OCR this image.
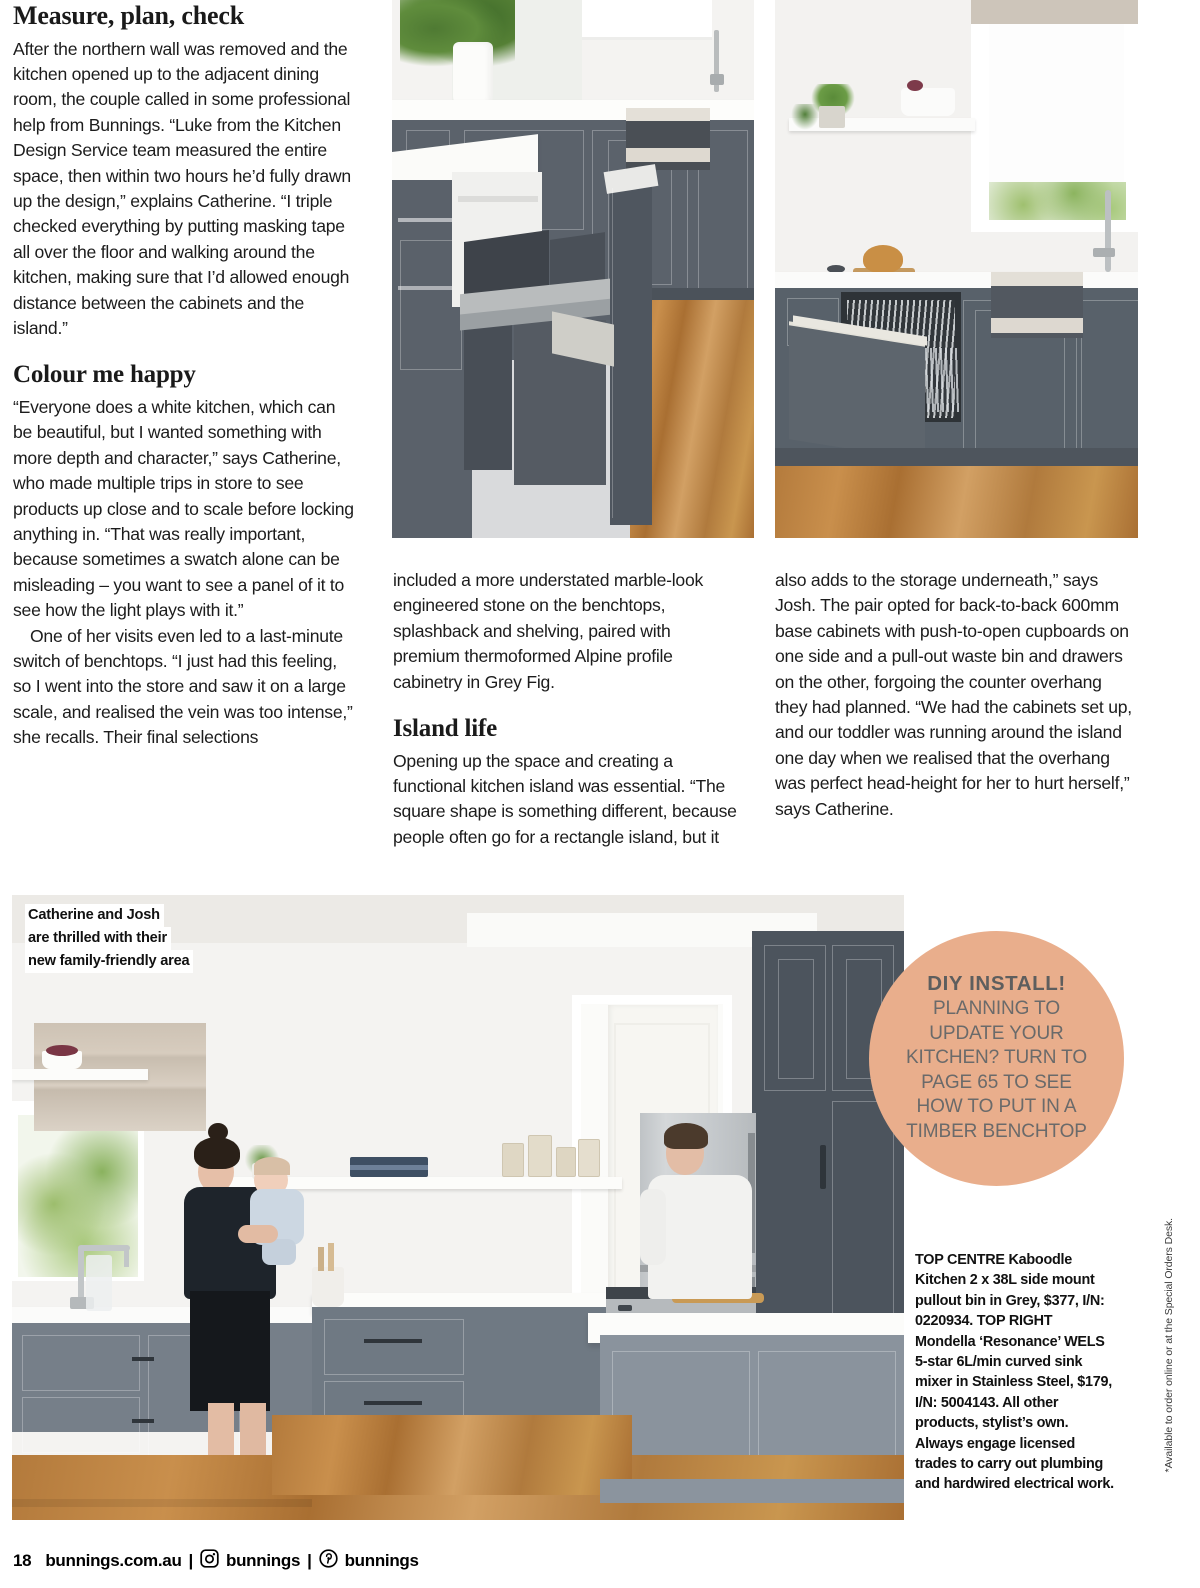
Measure, plan, check

After the northern wall was removed and the kitchen opened up to the adjacent dining room, the couple called in some professional help from Bunnings. “Luke from the Kitchen Design Service team measured the entire space, then within two hours he’d fully drawn up the design,” explains Catherine. “I triple checked everything by putting masking tape all over the floor and walking around the kitchen, making sure that I’d allowed enough distance between the cabinets and the island.”

Colour me happy

“Everyone does a white kitchen, which can be beautiful, but I wanted something with more depth and character,” says Catherine, who made multiple trips in store to see products up close and to scale before locking anything in. “That was really important, because sometimes a swatch alone can be misleading – you want to see a panel of it to see how the light plays with it.”

One of her visits even led to a last-minute switch of benchtops. “I just had this feeling, so I went into the store and saw it on a large scale, and realised the vein was too intense,” she recalls. Their final selections

included a more understated marble-look engineered stone on the benchtops, splashback and shelving, paired with premium thermoformed Alpine profile cabinetry in Grey Fig.

Island life

Opening up the space and creating a functional kitchen island was essential. “The square shape is something different, because people often go for a rectangle island, but it

also adds to the storage underneath,” says Josh. The pair opted for back-to-back 600mm base cabinets with push-to-open cupboards on one side and a pull-out waste bin and drawers on the other, forgoing the counter overhang they had planned. “We had the cabinets set up, and our toddler was running around the island one day when we realised that the overhang was perfect head-height for her to hurt herself,” says Catherine.

Catherine and Josh
are thrilled with their
new family-friendly area
DIY INSTALL!
PLANNING TO
UPDATE YOUR
KITCHEN? TURN TO
PAGE 65 TO SEE
HOW TO PUT IN A
TIMBER BENCHTOP
TOP CENTRE Kaboodle Kitchen 2 x 38L side mount pullout bin in Grey, $377, I/N: 0220934. TOP RIGHT Mondella ‘Resonance’ WELS 5-star 6L/min curved sink mixer in Stainless Steel, $179, I/N: 5004143. All other products, stylist’s own. Always engage licensed trades to carry out plumbing and hardwired electrical work.
*Available to order online or at the Special Orders Desk.
18 bunnings.com.au | bunnings | bunnings
